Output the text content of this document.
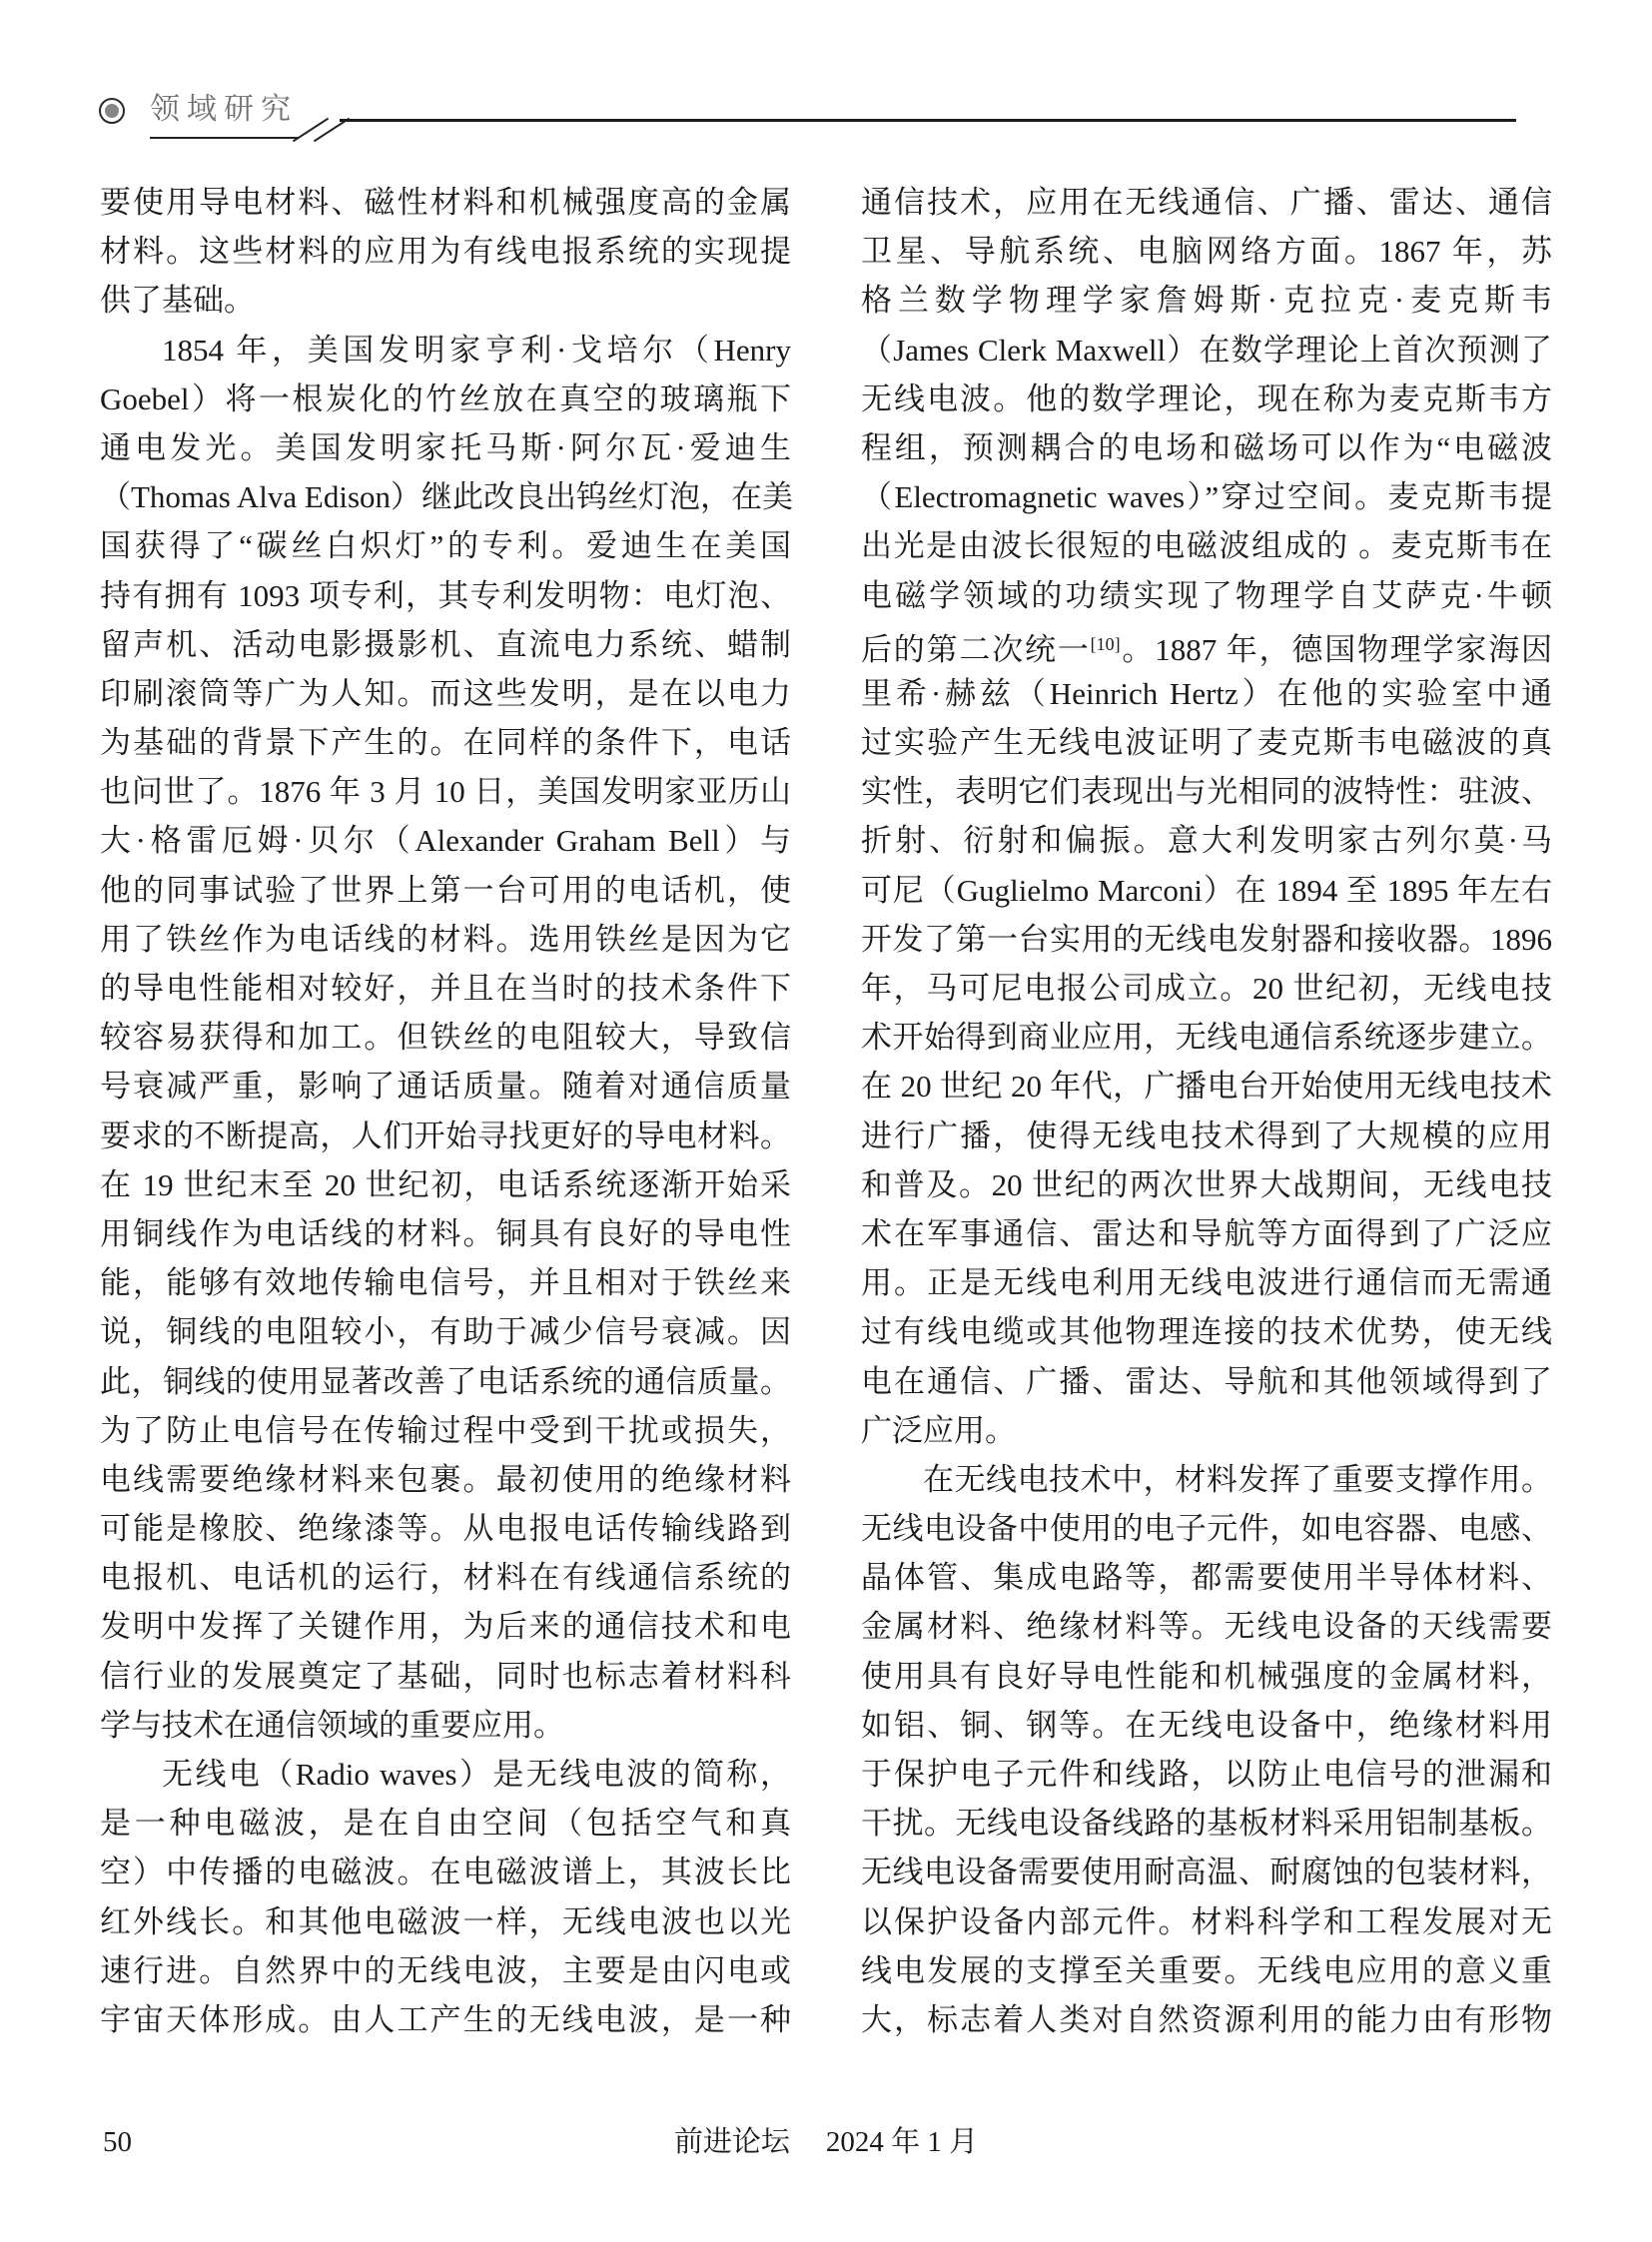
领域研究
要使用导电材料、磁性材料和机械强度高的金属
材料。这些材料的应用为有线电报系统的实现提
供了基础。
1854 年，美国发明家亨利·戈培尔（Henry
Goebel）将一根炭化的竹丝放在真空的玻璃瓶下
通电发光。美国发明家托马斯·阿尔瓦·爱迪生
（Thomas Alva Edison）继此改良出钨丝灯泡，在美
国获得了“碳丝白炽灯”的专利。爱迪生在美国
持有拥有 1093 项专利，其专利发明物：电灯泡、
留声机、活动电影摄影机、直流电力系统、蜡制
印刷滚筒等广为人知。而这些发明，是在以电力
为基础的背景下产生的。在同样的条件下，电话
也问世了。1876 年 3 月 10 日，美国发明家亚历山
大·格雷厄姆·贝尔（Alexander Graham Bell）与
他的同事试验了世界上第一台可用的电话机，使
用了铁丝作为电话线的材料。选用铁丝是因为它
的导电性能相对较好，并且在当时的技术条件下
较容易获得和加工。但铁丝的电阻较大，导致信
号衰减严重，影响了通话质量。随着对通信质量
要求的不断提高，人们开始寻找更好的导电材料。
在 19 世纪末至 20 世纪初，电话系统逐渐开始采
用铜线作为电话线的材料。铜具有良好的导电性
能，能够有效地传输电信号，并且相对于铁丝来
说，铜线的电阻较小，有助于减少信号衰减。因
此，铜线的使用显著改善了电话系统的通信质量。
为了防止电信号在传输过程中受到干扰或损失，
电线需要绝缘材料来包裹。最初使用的绝缘材料
可能是橡胶、绝缘漆等。从电报电话传输线路到
电报机、电话机的运行，材料在有线通信系统的
发明中发挥了关键作用，为后来的通信技术和电
信行业的发展奠定了基础，同时也标志着材料科
学与技术在通信领域的重要应用。
无线电（Radio waves）是无线电波的简称，
是一种电磁波，是在自由空间（包括空气和真
空）中传播的电磁波。在电磁波谱上，其波长比
红外线长。和其他电磁波一样，无线电波也以光
速行进。自然界中的无线电波，主要是由闪电或
宇宙天体形成。由人工产生的无线电波，是一种
通信技术，应用在无线通信、广播、雷达、通信
卫星、导航系统、电脑网络方面。1867 年，苏
格兰数学物理学家詹姆斯·克拉克·麦克斯韦
（James Clerk Maxwell）在数学理论上首次预测了
无线电波。他的数学理论，现在称为麦克斯韦方
程组，预测耦合的电场和磁场可以作为“电磁波
（Electromagnetic waves）”穿过空间。麦克斯韦提
出光是由波长很短的电磁波组成的 。麦克斯韦在
电磁学领域的功绩实现了物理学自艾萨克·牛顿
后的第二次统一[10]。1887 年，德国物理学家海因
里希·赫兹（Heinrich Hertz）在他的实验室中通
过实验产生无线电波证明了麦克斯韦电磁波的真
实性，表明它们表现出与光相同的波特性：驻波、
折射、衍射和偏振。意大利发明家古列尔莫·马
可尼（Guglielmo Marconi）在 1894 至 1895 年左右
开发了第一台实用的无线电发射器和接收器。1896
年，马可尼电报公司成立。20 世纪初，无线电技
术开始得到商业应用，无线电通信系统逐步建立。
在 20 世纪 20 年代，广播电台开始使用无线电技术
进行广播，使得无线电技术得到了大规模的应用
和普及。20 世纪的两次世界大战期间，无线电技
术在军事通信、雷达和导航等方面得到了广泛应
用。正是无线电利用无线电波进行通信而无需通
过有线电缆或其他物理连接的技术优势，使无线
电在通信、广播、雷达、导航和其他领域得到了
广泛应用。
在无线电技术中，材料发挥了重要支撑作用。
无线电设备中使用的电子元件，如电容器、电感、
晶体管、集成电路等，都需要使用半导体材料、
金属材料、绝缘材料等。无线电设备的天线需要
使用具有良好导电性能和机械强度的金属材料，
如铝、铜、钢等。在无线电设备中，绝缘材料用
于保护电子元件和线路，以防止电信号的泄漏和
干扰。无线电设备线路的基板材料采用铝制基板。
无线电设备需要使用耐高温、耐腐蚀的包装材料，
以保护设备内部元件。材料科学和工程发展对无
线电发展的支撑至关重要。无线电应用的意义重
大，标志着人类对自然资源利用的能力由有形物
50	前进论坛 2024 年 1 月
